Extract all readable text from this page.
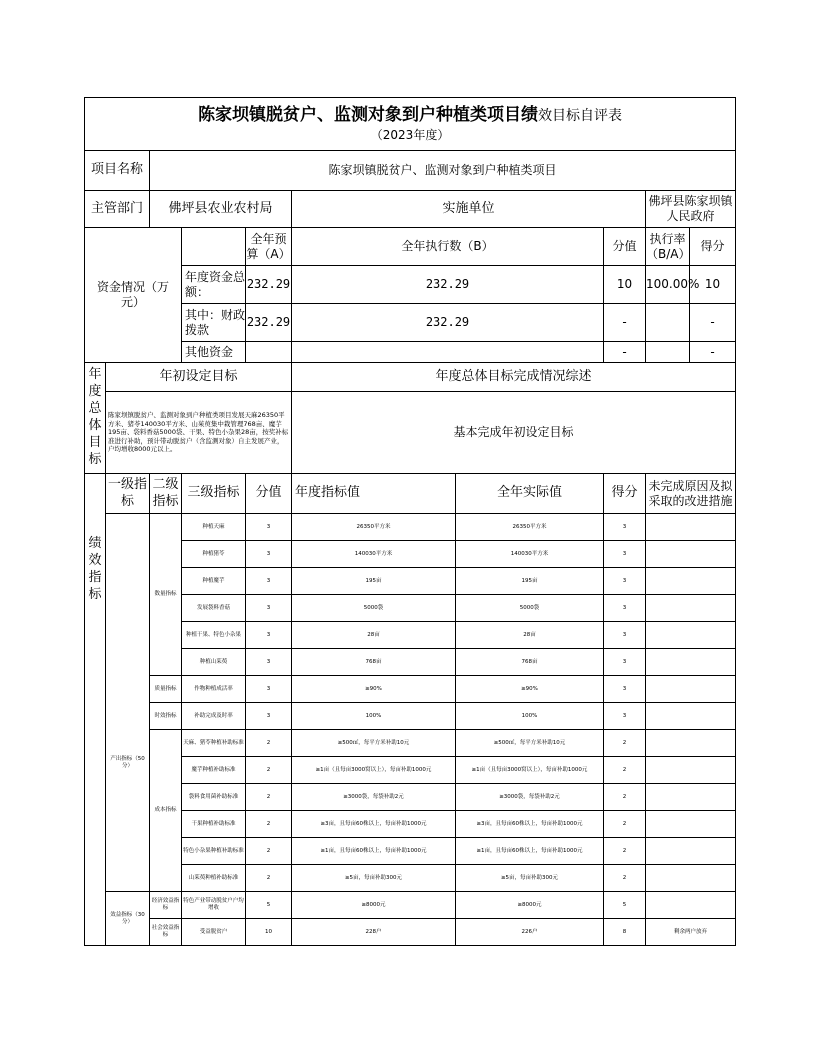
陈家坝镇脱贫户、监测对象到户种植类项目绩效目标自评表
（2023年度）									

项目名称		陈家坝镇脱贫户、监测对象到户种植类项目							
主管部门		佛坪县农业农村局			实施单位			佛坪县陈家坝镇人民政府	

资金情况（万元）				全年预算（A）	全年执行数（B）		分值	执行率（B/A）	得分
			年度资金总额：	232.29	232.29		10	100.00%	10
			其中：财政拨款	232.29	232.29		-		-
			其他资金				-		-

年度总体目标	年初设定目标				年度总体目标完成情况综述				
	陈家坝镇脱贫户、监测对象到户种植类项目发展天麻26350平方米、猪苓140030平方米、山茱萸集中栽管理768亩、魔芋195亩、袋料香菇5000袋、干果、特色小杂果28亩，按奖补标准进行补助，预计带动脱贫户（含监测对象）自主发展产业，户均增收8000元以上。				基本完成年初设定目标				

绩效指标	一级指标	二级指标	三级指标	分值	年度指标值	全年实际值	得分	未完成原因及拟采取的改进措施	

	产出指标（50分）	数量指标	种植天麻	3	26350平方米	26350平方米	3		
			种植猪苓	3	140030平方米	140030平方米	3		
			种植魔芋	3	195亩	195亩	3		
			发展袋料香菇	3	5000袋	5000袋	3		
			种植干果、特色小杂果	3	28亩	28亩	3		
			种植山茱萸	3	768亩	768亩	3		
		质量指标	作物种植成活率	3	≥90%	≥90%	3		
		时效指标	补助完成及时率	3	100%	100%	3		
		成本指标	天麻、猪苓种植补助标准	2	≥500㎡，每平方米补助10元	≥500㎡，每平方米补助10元	2		
			魔芋种植补助标准	2	≥1亩（且每亩3000窝以上），每亩补助1000元	≥1亩（且每亩3000窝以上），每亩补助1000元	2		
			袋料食用菌补助标准	2	≥3000袋，每袋补助2元	≥3000袋，每袋补助2元	2		
			干果种植补助标准	2	≥3亩，且每亩60株以上，每亩补助1000元	≥3亩，且每亩60株以上，每亩补助1000元	2		
			特色小杂果种植补助标准	2	≥1亩，且每亩60株以上，每亩补助1000元	≥1亩，且每亩60株以上，每亩补助1000元	2		
			山茱萸种植补助标准	2	≥5亩，每亩补助300元	≥5亩，每亩补助300元	2		

	效益指标（30分）	经济效益指标	特色产业带动脱贫户户均增收	5	≥8000元	≥8000元	5		
		社会效益指标	受益脱贫户	10	228户	226户	8	剩余两户放弃	
